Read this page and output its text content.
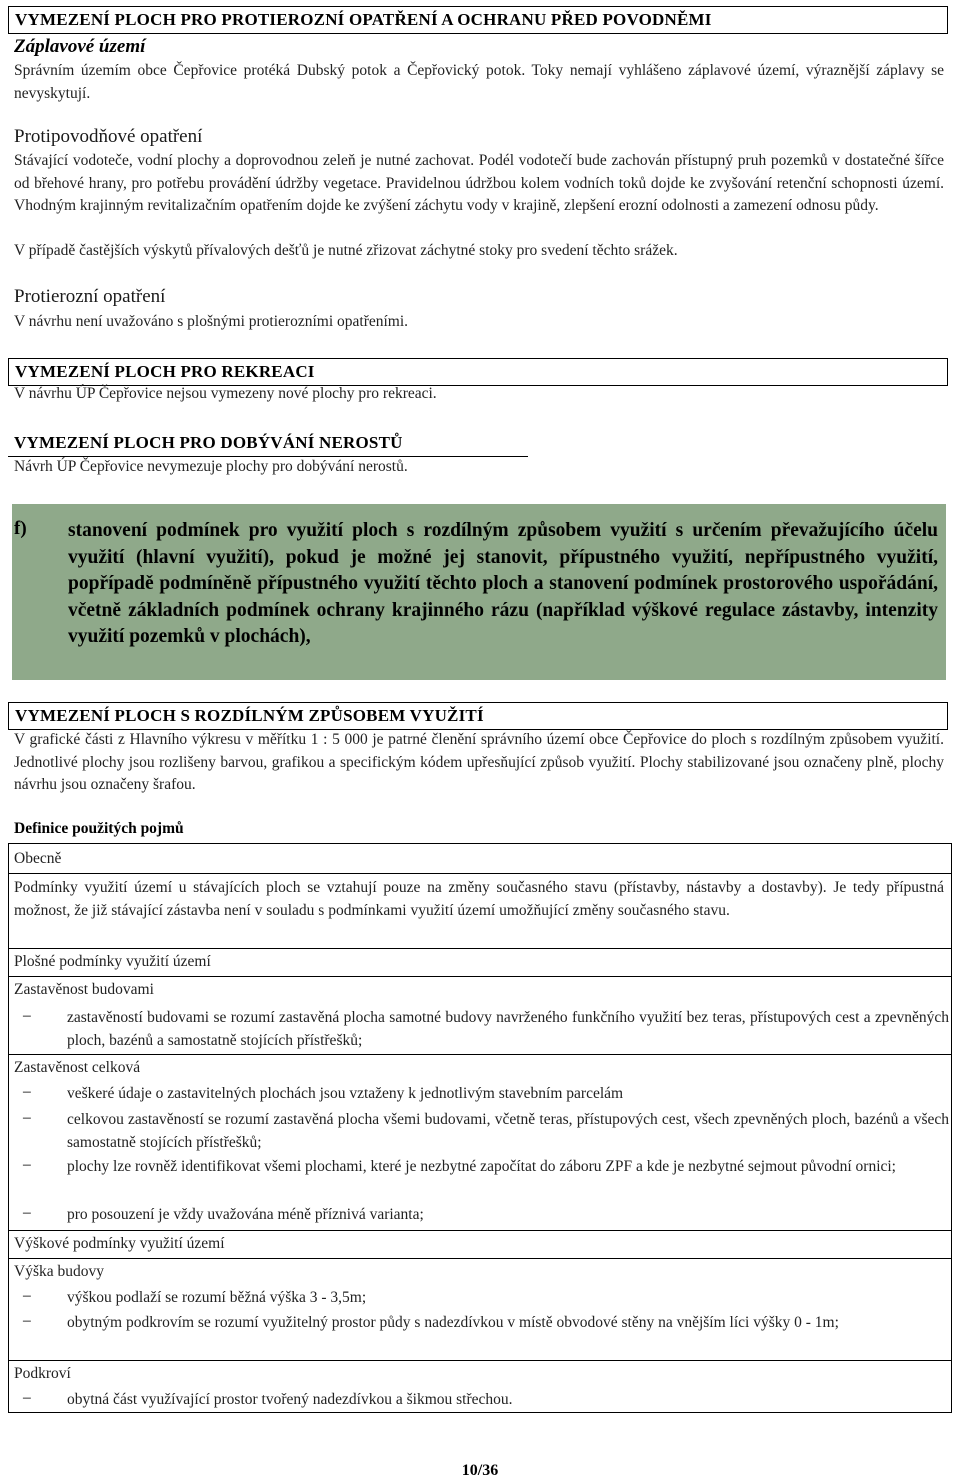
VYMEZENÍ PLOCH PRO PROTIEROZNÍ OPATŘENÍ A OCHRANU PŘED POVODNĚMI
Záplavové území
Správním územím obce Čepřovice protéká Dubský potok a Čepřovický potok. Toky nemají vyhlášeno záplavové území, výraznější záplavy se nevyskytují.
Protipovodňové opatření
Stávající vodoteče, vodní plochy a doprovodnou zeleň je nutné zachovat. Podél vodotečí bude zachován přístupný pruh pozemků v dostatečné šířce od břehové hrany, pro potřebu provádění údržby vegetace. Pravidelnou údržbou kolem vodních toků dojde ke zvyšování retenční schopnosti území. Vhodným krajinným revitalizačním opatřením dojde ke zvýšení záchytu vody v krajině, zlepšení erozní odolnosti a zamezení odnosu půdy.
V případě častějších výskytů přívalových dešťů je nutné zřizovat záchytné stoky pro svedení těchto srážek.
Protierozní opatření
V návrhu není uvažováno s plošnými protierozními opatřeními.
VYMEZENÍ PLOCH PRO REKREACI
V návrhu ÚP Čepřovice nejsou vymezeny nové plochy pro rekreaci.
VYMEZENÍ PLOCH PRO DOBÝVÁNÍ NEROSTŮ
Návrh ÚP Čepřovice nevymezuje plochy pro dobývání nerostů.
f) stanovení podmínek pro využití ploch s rozdílným způsobem využití s určením převažujícího účelu využití (hlavní využití), pokud je možné jej stanovit, přípustného využití, nepřípustného využití, popřípadě podmíněně přípustného využití těchto ploch a stanovení podmínek prostorového uspořádání, včetně základních podmínek ochrany krajinného rázu (například výškové regulace zástavby, intenzity využití pozemků v plochách),
VYMEZENÍ PLOCH S ROZDÍLNÝM ZPŮSOBEM VYUŽITÍ
V grafické části z Hlavního výkresu v měřítku 1 : 5 000 je patrné členění správního území obce Čepřovice do ploch s rozdílným způsobem využití. Jednotlivé plochy jsou rozlišeny barvou, grafikou a specifickým kódem upřesňující způsob využití. Plochy stabilizované jsou označeny plně, plochy návrhu jsou označeny šrafou.
Definice použitých pojmů
Obecně
Podmínky využití území u stávajících ploch se vztahují pouze na změny současného stavu (přístavby, nástavby a dostavby). Je tedy přípustná možnost, že již stávající zástavba není v souladu s podmínkami využití území umožňující změny současného stavu.
Plošné podmínky využití území
Zastavěnost budovami
–	zastavěností budovami se rozumí zastavěná plocha samotné budovy navrženého funkčního využití bez teras, přístupových cest a zpevněných ploch, bazénů a samostatně stojících přístřešků;
Zastavěnost celková
–	veškeré údaje o zastavitelných plochách jsou vztaženy k jednotlivým stavebním parcelám
–	celkovou zastavěností se rozumí zastavěná plocha všemi budovami, včetně teras, přístupových cest, všech zpevněných ploch, bazénů a všech samostatně stojících přístřešků;
–	plochy lze rovněž identifikovat všemi plochami, které je nezbytné započítat do záboru ZPF a kde je nezbytné sejmout původní ornici;
–	pro posouzení je vždy uvažována méně příznivá varianta;
Výškové podmínky využití území
Výška budovy
–	výškou podlaží se rozumí běžná výška 3 - 3,5m;
–	obytným podkrovím se rozumí využitelný prostor půdy s nadezdívkou v místě obvodové stěny na vnějším líci výšky 0 - 1m;
Podkroví
–	obytná část využívající prostor tvořený nadezdívkou a šikmou střechou.
10/36
